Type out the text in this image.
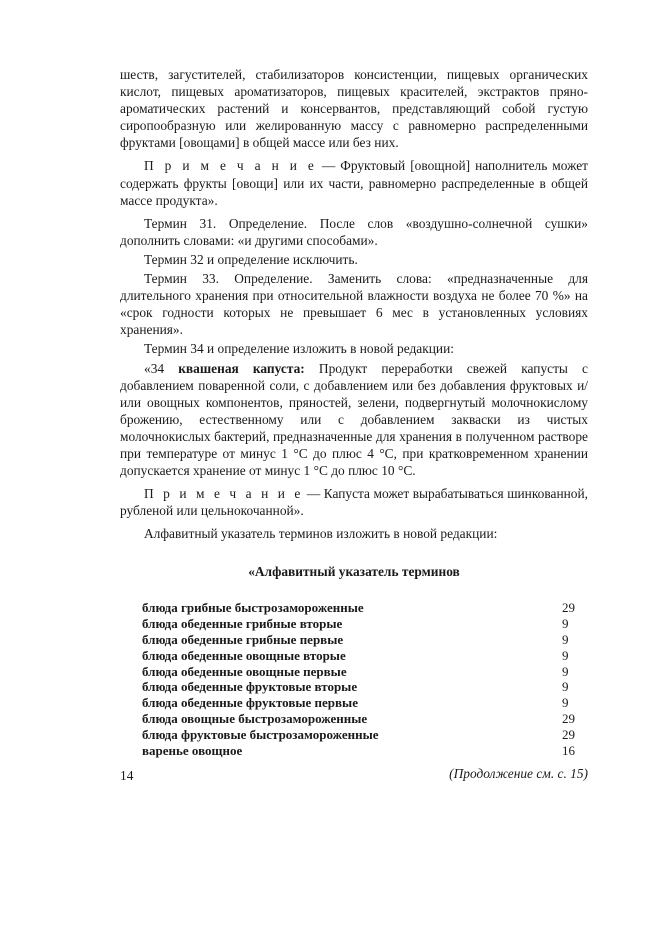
шеств, загустителей, стабилизаторов консистенции, пищевых органических кислот, пищевых ароматизаторов, пищевых красителей, экстрактов пряно-ароматических растений и консервантов, представляющий собой густую сиропообразную или желированную массу с равномерно распределенными фруктами [овощами] в общей массе или без них.

П р и м е ч а н и е — Фруктовый [овощной] наполнитель может содержать фрукты [овощи] или их части, равномерно распределенные в общей массе продукта».

Термин 31. Определение. После слов «воздушно-солнечной сушки» дополнить словами: «и другими способами».

Термин 32 и определение исключить.

Термин 33. Определение. Заменить слова: «предназначенные для длительного хранения при относительной влажности воздуха не более 70 %» на «срок годности которых не превышает 6 мес в установленных условиях хранения».

Термин 34 и определение изложить в новой редакции:

«34 квашеная капуста: Продукт переработки свежей капусты с добавлением поваренной соли, с добавлением или без добавления фруктовых и/или овощных компонентов, пряностей, зелени, подвергнутый молочнокислому брожению, естественному или с добавлением закваски из чистых молочнокислых бактерий, предназначенные для хранения в полученном растворе при температуре от минус 1 °С до плюс 4 °С, при кратковременном хранении допускается хранение от минус 1 °С до плюс 10 °С.

П р и м е ч а н и е — Капуста может вырабатываться шинкованной, рубленой или цельнокочанной».

Алфавитный указатель терминов изложить в новой редакции:

«Алфавитный указатель терминов
блюда грибные быстрозамороженные	29
блюда обеденные грибные вторые	9
блюда обеденные грибные первые	9
блюда обеденные овощные вторые	9
блюда обеденные овощные первые	9
блюда обеденные фруктовые вторые	9
блюда обеденные фруктовые первые	9
блюда овощные быстрозамороженные	29
блюда фруктовые быстрозамороженные	29
варенье овощное	16
(Продолжение см. с. 15)
14
